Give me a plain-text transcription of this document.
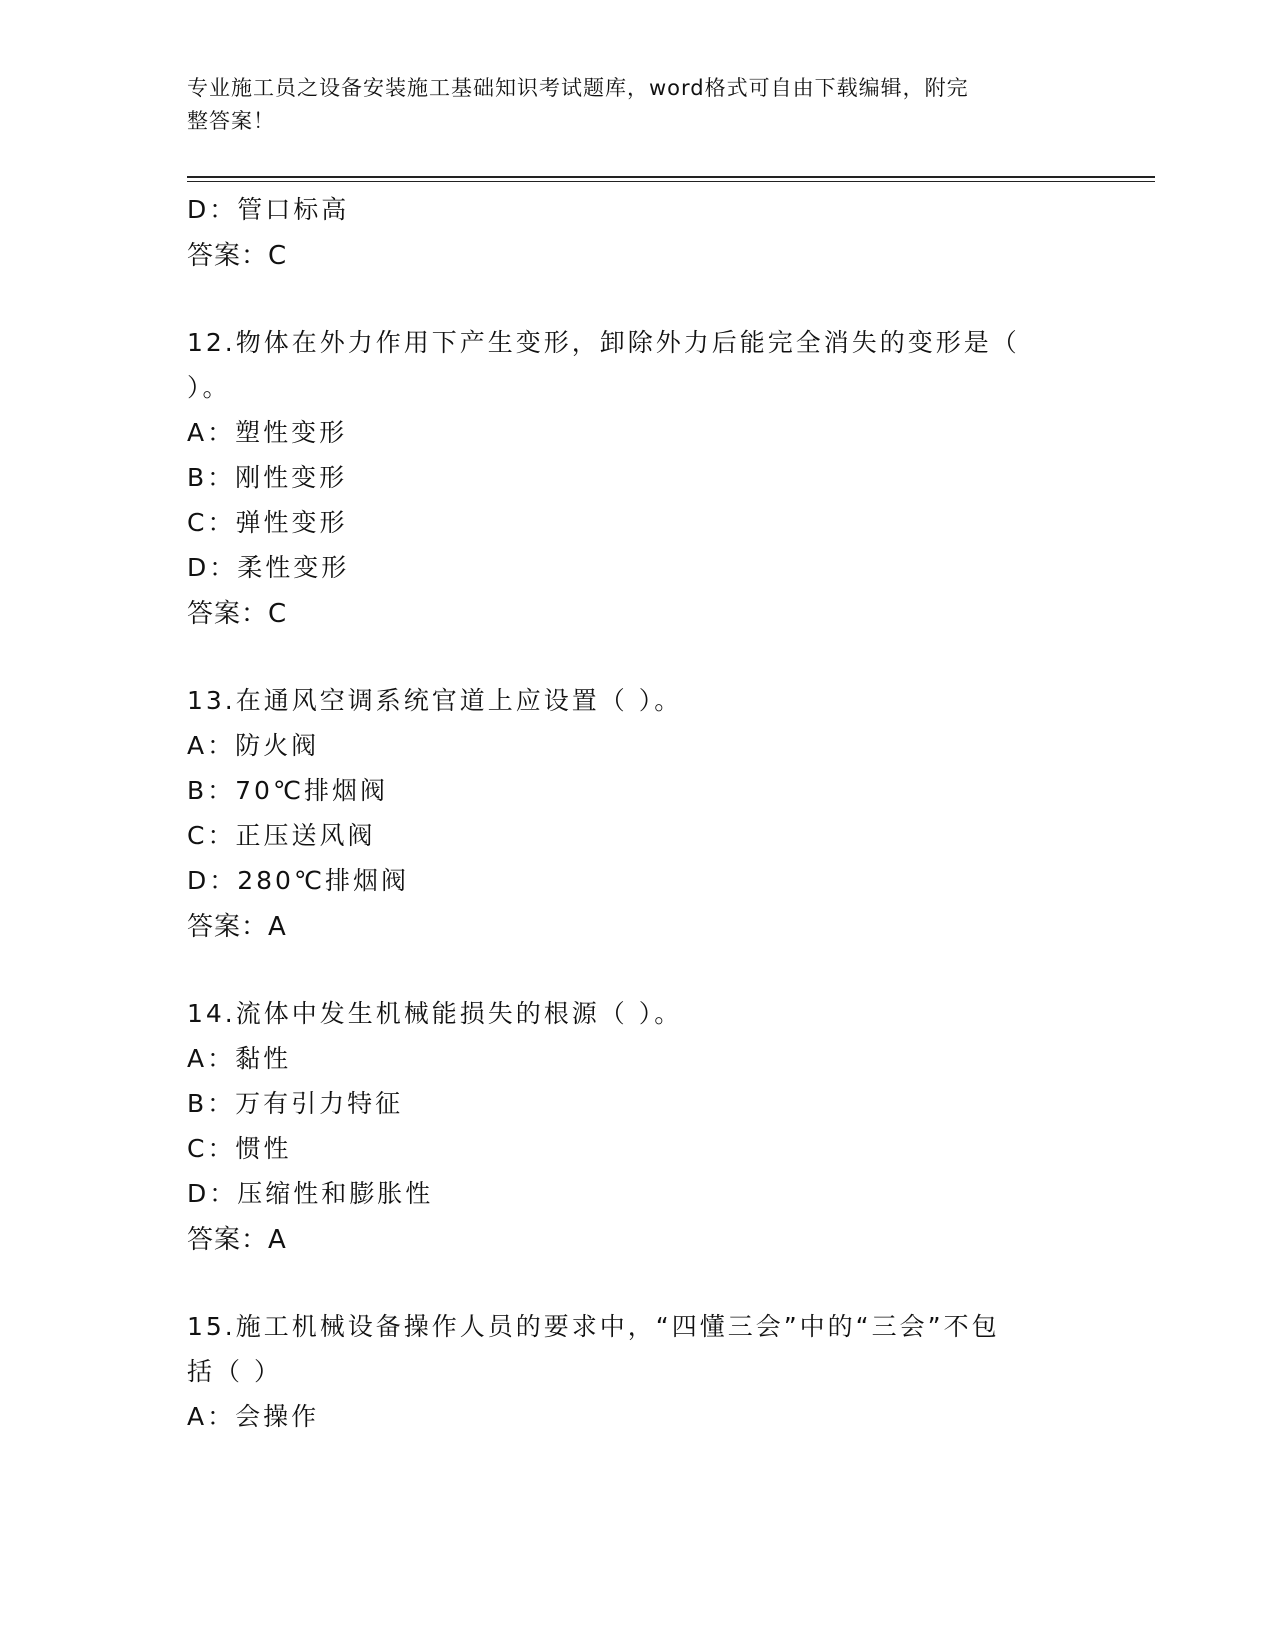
专业施工员之设备安装施工基础知识考试题库，word格式可自由下载编辑，附完
整答案！
D：管口标高
答案：C
12.物体在外力作用下产生变形，卸除外力后能完全消失的变形是（
）。
A：塑性变形
B：刚性变形
C：弹性变形
D：柔性变形
答案：C
13.在通风空调系统官道上应设置（ ）。
A：防火阀
B：70℃排烟阀
C：正压送风阀
D：280℃排烟阀
答案：A
14.流体中发生机械能损失的根源（ ）。
A：黏性
B：万有引力特征
C：惯性
D：压缩性和膨胀性
答案：A
15.施工机械设备操作人员的要求中，“四懂三会”中的“三会”不包
括（ ）
A：会操作
